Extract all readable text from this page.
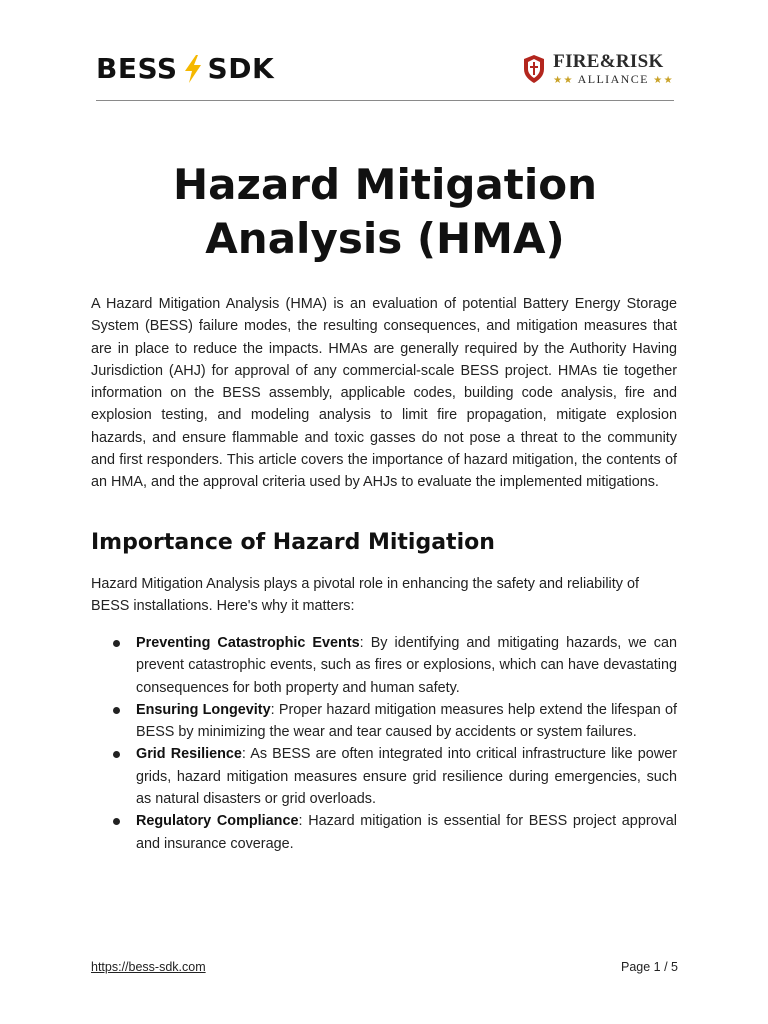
BESS SDK	FIRE&RISK
★★ ALLIANCE ★★
Hazard Mitigation
Analysis (HMA)

A Hazard Mitigation Analysis (HMA) is an evaluation of potential Battery Energy Storage System (BESS) failure modes, the resulting consequences, and mitigation measures that are in place to reduce the impacts. HMAs are generally required by the Authority Having Jurisdiction (AHJ) for approval of any commercial-scale BESS project. HMAs tie together information on the BESS assembly, applicable codes, building code analysis, fire and explosion testing, and modeling analysis to limit fire propagation, mitigate explosion hazards, and ensure flammable and toxic gasses do not pose a threat to the community and first responders. This article covers the importance of hazard mitigation, the contents of an HMA, and the approval criteria used by AHJs to evaluate the implemented mitigations.

Importance of Hazard Mitigation

Hazard Mitigation Analysis plays a pivotal role in enhancing the safety and reliability of BESS installations. Here's why it matters:

Preventing Catastrophic Events: By identifying and mitigating hazards, we can prevent catastrophic events, such as fires or explosions, which can have devastating consequences for both property and human safety.
Ensuring Longevity: Proper hazard mitigation measures help extend the lifespan of BESS by minimizing the wear and tear caused by accidents or system failures.
Grid Resilience: As BESS are often integrated into critical infrastructure like power grids, hazard mitigation measures ensure grid resilience during emergencies, such as natural disasters or grid overloads.
Regulatory Compliance: Hazard mitigation is essential for BESS project approval and insurance coverage.
https://bess-sdk.com	Page 1 / 5
